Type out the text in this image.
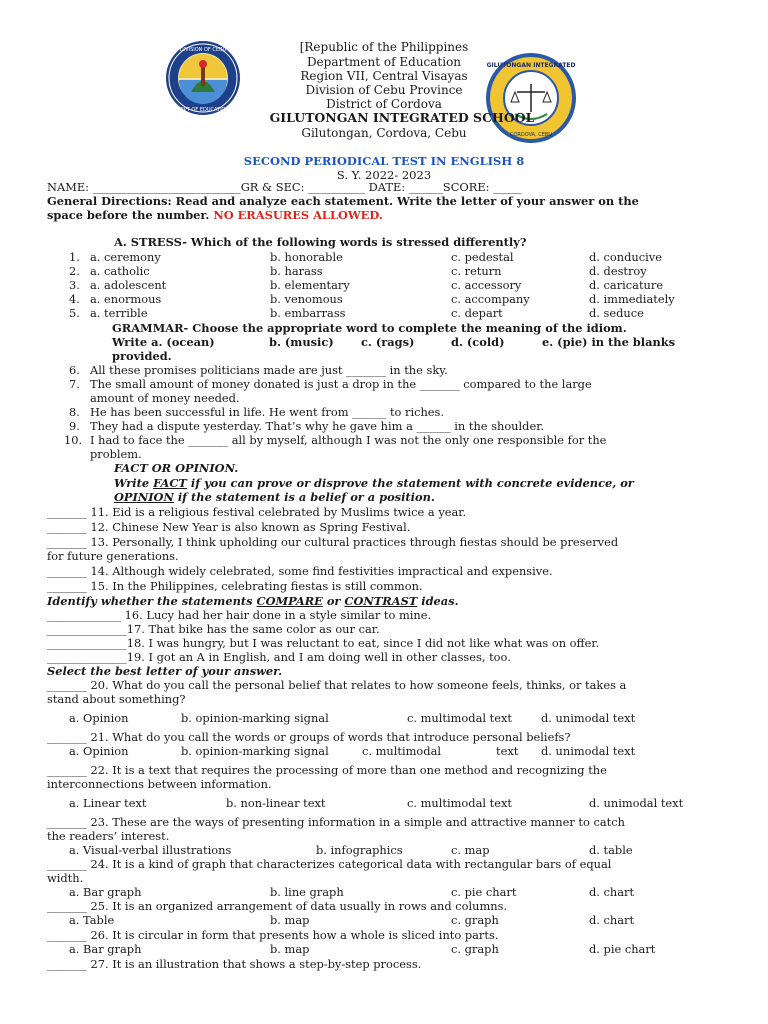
DIVISION OF CEBU
DEPT OF EDUCATION
GILUTONGAN INTEGRATED
CORDOVA, CEBU
[Republic of the Philippines
Department of Education
Region VII, Central Visayas
Division of Cebu Province
District of Cordova
GILUTONGAN INTEGRATED SCHOOL
Gilutongan, Cordova, Cebu
SECOND PERIODICAL TEST IN ENGLISH 8
S. Y. 2022- 2023
NAME: __________________________GR & SEC: __________ DATE: ______SCORE: _____
General Directions: Read and analyze each statement. Write the letter of your answer on the
space before the number. NO ERASURES ALLOWED.
A. STRESS- Which of the following words is stressed differently?
1. a. ceremony	b. honorable	c. pedestal	d. conducive
2. a. catholic	b. harass	c. return	d. destroy
3. a. adolescent	b. elementary	c. accessory	d. caricature
4. a. enormous	b. venomous	c. accompany	d. immediately
5. a. terrible	b. embarrass	c. depart	d. seduce
GRAMMAR- Choose the appropriate word to complete the meaning of the idiom.
Write a. (ocean)	b. (music) c. (rags)	d. (cold)	e. (pie) in the blanks
provided.
6. All these promises politicians made are just _______ in the sky.
7. The small amount of money donated is just a drop in the _______ compared to the large
amount of money needed.
8. He has been successful in life. He went from ______ to riches.
9. They had a dispute yesterday. That’s why he gave him a ______ in the shoulder.
10. I had to face the _______ all by myself, although I was not the only one responsible for the
problem.
FACT OR OPINION.
Write FACT if you can prove or disprove the statement with concrete evidence, or
OPINION if the statement is a belief or a position.
_______ 11. Eid is a religious festival celebrated by Muslims twice a year.
_______ 12. Chinese New Year is also known as Spring Festival.
_______ 13. Personally, I think upholding our cultural practices through fiestas should be preserved
for future generations.
_______ 14. Although widely celebrated, some find festivities impractical and expensive.
_______ 15. In the Philippines, celebrating fiestas is still common.
Identify whether the statements COMPARE or CONTRAST ideas.
_____________ 16. Lucy had her hair done in a style similar to mine.
______________17. That bike has the same color as our car.
______________18. I was hungry, but I was reluctant to eat, since I did not like what was on offer.
______________19. I got an A in English, and I am doing well in other classes, too.
Select the best letter of your answer.
_______ 20. What do you call the personal belief that relates to how someone feels, thinks, or takes a
stand about something?
a. Opinion	b. opinion-marking signal	c. multimodal text	d. unimodal text
_______ 21. What do you call the words or groups of words that introduce personal beliefs?
a. Opinion	b. opinion-marking signal	c. multimodal	text d. unimodal text
_______ 22. It is a text that requires the processing of more than one method and recognizing the
interconnections between information.
a. Linear text	b. non-linear text	c. multimodal text	d. unimodal text
_______ 23. These are the ways of presenting information in a simple and attractive manner to catch
the readers’ interest.
a. Visual-verbal illustrations	b. infographics	c. map	d. table
_______ 24. It is a kind of graph that characterizes categorical data with rectangular bars of equal
width.
a. Bar graph	b. line graph	c. pie chart	d. chart
_______ 25. It is an organized arrangement of data usually in rows and columns.
a. Table	b. map	c. graph	d. chart
_______ 26. It is circular in form that presents how a whole is sliced into parts.
a. Bar graph	b. map	c. graph	d. pie chart
_______ 27. It is an illustration that shows a step-by-step process.
